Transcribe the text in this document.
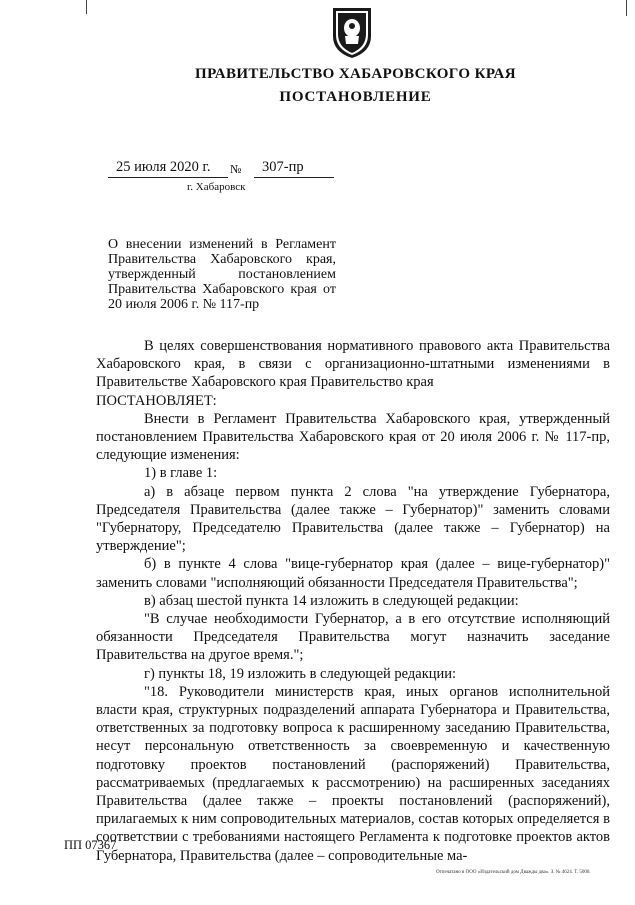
ПРАВИТЕЛЬСТВО ХАБАРОВСКОГО КРАЯ
ПОСТАНОВЛЕНИЕ
25 июля 2020 г. № 307-пр
г. Хабаровск
О внесении изменений в Регламент Правительства Хабаровского края, утвержденный постановлением Правительства Хабаровского края от 20 июля 2006 г. № 117-пр

В целях совершенствования нормативного правового акта Правительства Хабаровского края, в связи с организационно-штатными изменениями в Правительстве Хабаровского края Правительство края

ПОСТАНОВЛЯЕТ:

Внести в Регламент Правительства Хабаровского края, утвержденный постановлением Правительства Хабаровского края от 20 июля 2006 г. № 117-пр, следующие изменения:

1) в главе 1:

а) в абзаце первом пункта 2 слова "на утверждение Губернатора, Председателя Правительства (далее также – Губернатор)" заменить словами "Губернатору, Председателю Правительства (далее также – Губернатор) на утверждение";

б) в пункте 4 слова "вице-губернатор края (далее – вице-губернатор)" заменить словами "исполняющий обязанности Председателя Правительства";

в) абзац шестой пункта 14 изложить в следующей редакции:

"В случае необходимости Губернатор, а в его отсутствие исполняющий обязанности Председателя Правительства могут назначить заседание Правительства на другое время.";

г) пункты 18, 19 изложить в следующей редакции:

"18. Руководители министерств края, иных органов исполнительной власти края, структурных подразделений аппарата Губернатора и Правительства, ответственных за подготовку вопроса к расширенному заседанию Правительства, несут персональную ответственность за своевременную и качественную подготовку проектов постановлений (распоряжений) Правительства, рассматриваемых (предлагаемых к рассмотрению) на расширенных заседаниях Правительства (далее также – проекты постановлений (распоряжений), прилагаемых к ним сопроводительных материалов, состав которых определяется в соответствии с требованиями настоящего Регламента к подготовке проектов актов Губернатора, Правительства (далее – сопроводительные ма-

ПП 07367
Отпечатано в ООО «Издательский дом Дважды два». З. № 4624. Т. 5000.
